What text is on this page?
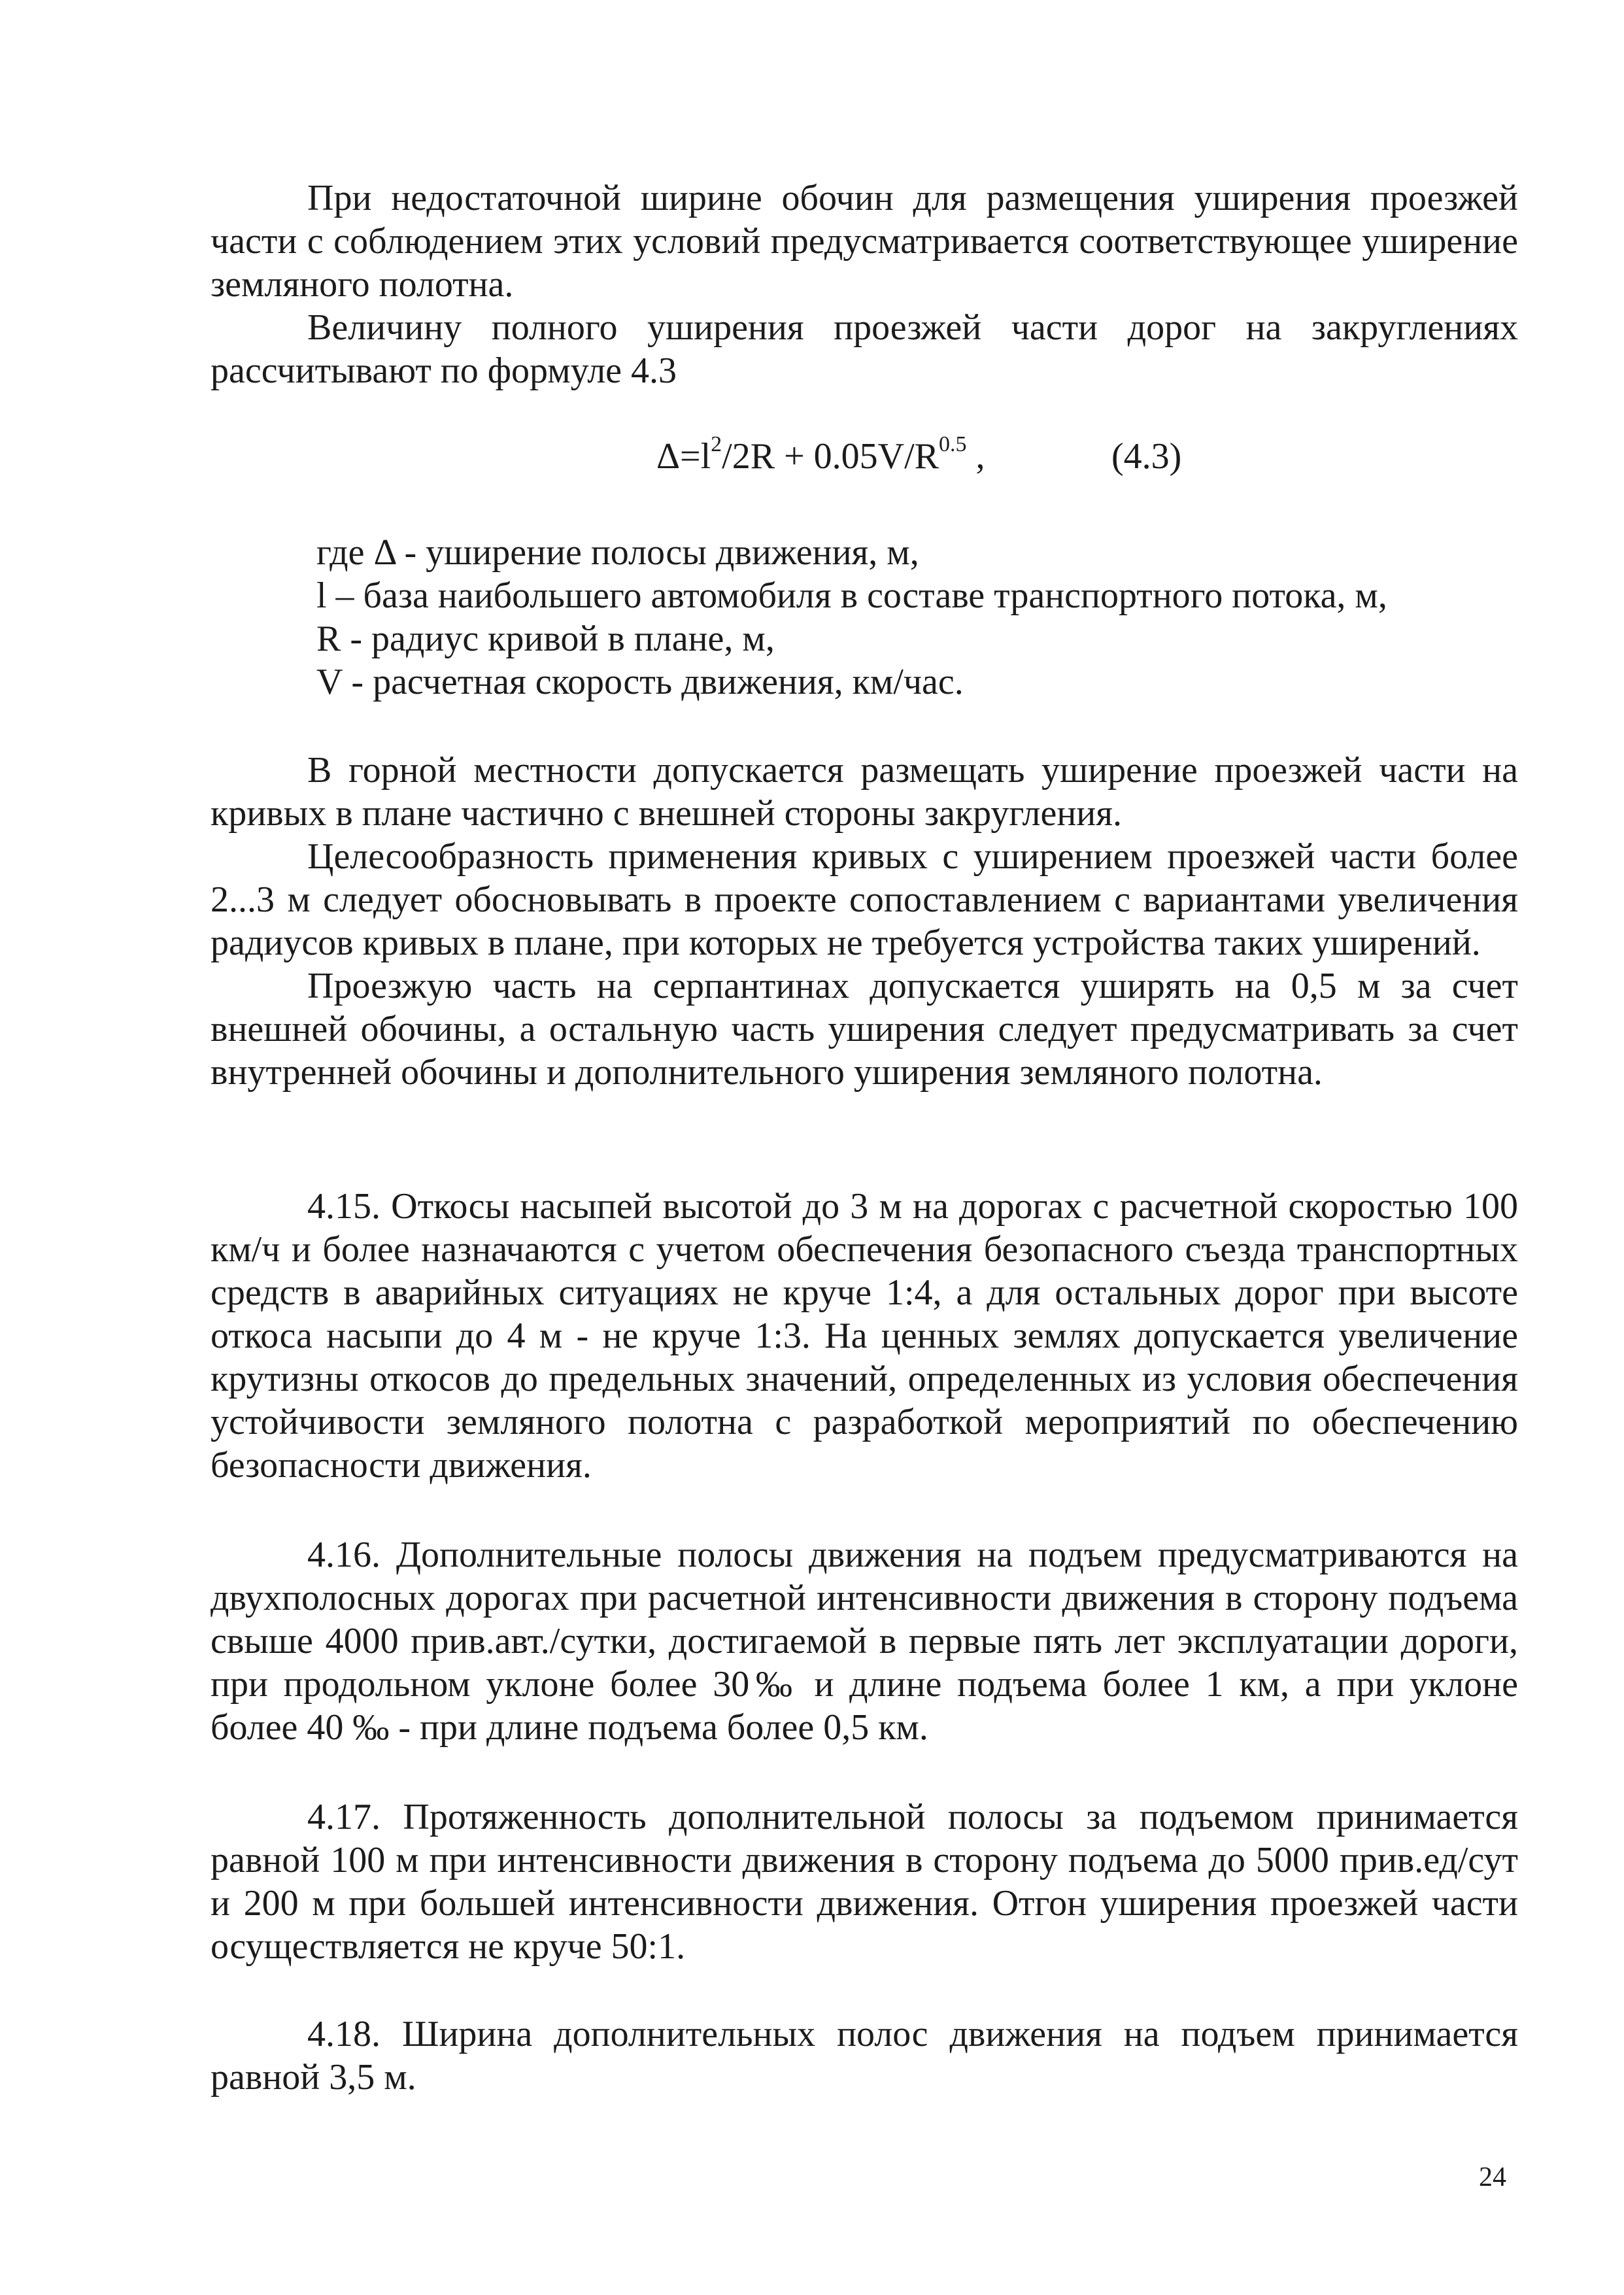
При недостаточной ширине обочин для размещения уширения проезжей части с соблюдением этих условий предусматривается соответствующее уширение земляного полотна.

Величину полного уширения проезжей части дорог на закруглениях рассчитывают по формуле 4.3

$\Delta=l^2/2R + 0.05V/R^{0.5}$ ,	(4.3)

где Δ - уширение полосы движения, м,

l – база наибольшего автомобиля в составе транспортного потока, м,

R - радиус кривой в плане, м,

V - расчетная скорость движения, км/час.

В горной местности допускается размещать уширение проезжей части на кривых в плане частично с внешней стороны закругления.

Целесообразность применения кривых с уширением проезжей части более 2...3 м следует обосновывать в проекте сопоставлением с вариантами увеличения радиусов кривых в плане, при которых не требуется устройства таких уширений.

Проезжую часть на серпантинах допускается уширять на 0,5 м за счет внешней обочины, а остальную часть уширения следует предусматривать за счет внутренней обочины и дополнительного уширения земляного полотна.

4.15. Откосы насыпей высотой до 3 м на дорогах с расчетной скоростью 100 км/ч и более назначаются с учетом обеспечения безопасного съезда транспортных средств в аварийных ситуациях не круче 1:4, а для остальных дорог при высоте откоса насыпи до 4 м - не круче 1:3. На ценных землях допускается увеличение крутизны откосов до предельных значений, определенных из условия обеспечения устойчивости земляного полотна с разработкой мероприятий по обеспечению безопасности движения.

4.16. Дополнительные полосы движения на подъем предусматриваются на двухполосных дорогах при расчетной интенсивности движения в сторону подъема свыше 4000 прив.авт./сутки, достигаемой в первые пять лет эксплуатации дороги, при продольном уклоне более 30‰ и длине подъема более 1 км, а при уклоне более 40 ‰ - при длине подъема более 0,5 км.

4.17. Протяженность дополнительной полосы за подъемом принимается равной 100 м при интенсивности движения в сторону подъема до 5000 прив.ед/сут и 200 м при большей интенсивности движения. Отгон уширения проезжей части осуществляется не круче 50:1.

4.18. Ширина дополнительных полос движения на подъем принимается равной 3,5 м.

24
